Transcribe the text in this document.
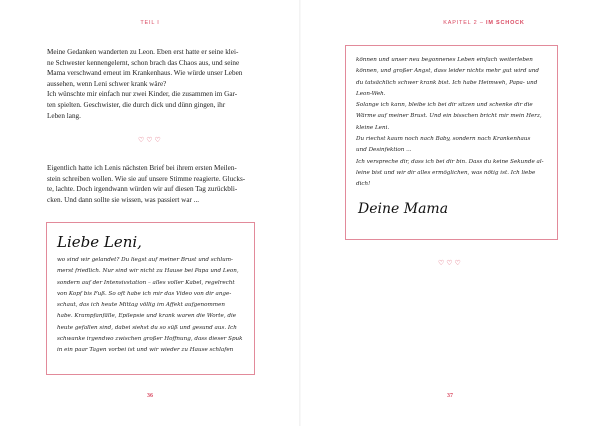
TEIL I

Meine Gedanken wanderten zu Leon. Eben erst hatte er seine klei-

ne Schwester kennengelernt, schon brach das Chaos aus, und seine

Mama verschwand erneut im Krankenhaus. Wie würde unser Leben

aussehen, wenn Leni schwer krank wäre?

Ich wünschte mir einfach nur zwei Kinder, die zusammen im Gar-

ten spielten. Geschwister, die durch dick und dünn gingen, ihr

Leben lang.

♡♡♡

Eigentlich hatte ich Lenis nächsten Brief bei ihrem ersten Meilen-

stein schreiben wollen. Wie sie auf unsere Stimme reagierte. Glucks-

te, lachte. Doch irgendwann würden wir auf diesen Tag zurückbli-

cken. Und dann sollte sie wissen, was passiert war ...

Liebe Leni,

wo sind wir gelandet? Du liegst auf meiner Brust und schlum-

merst friedlich. Nur sind wir nicht zu Hause bei Papa und Leon,

sondern auf der Intensivstation – alles voller Kabel, regelrecht

von Kopf bis Fuß. So oft habe ich mir das Video von dir ange-

schaut, das ich heute Mittag völlig im Affekt aufgenommen

habe. Krampfanfälle, Epilepsie und krank waren die Worte, die

heute gefallen sind, dabei siehst du so süß und gesund aus. Ich

schwanke irgendwo zwischen großer Hoffnung, dass dieser Spuk

in ein paar Tagen vorbei ist und wir wieder zu Hause schlafen

36
KAPITEL 2 – IM SCHOCK

können und unser neu begonnenes Leben einfach weiterleben

können, und großer Angst, dass leider nichts mehr gut wird und

du tatsächlich schwer krank bist. Ich habe Heimweh, Papa- und

Leon-Weh.

Solange ich kann, bleibe ich bei dir sitzen und schenke dir die

Wärme auf meiner Brust. Und ein bisschen bricht mir mein Herz,

kleine Leni.

Du riechst kaum noch nach Baby, sondern nach Krankenhaus

und Desinfektion ...

Ich verspreche dir, dass ich bei dir bin. Dass du keine Sekunde al-

leine bist und wir dir alles ermöglichen, was nötig ist. Ich liebe

dich!

Deine Mama
♡♡♡
37
